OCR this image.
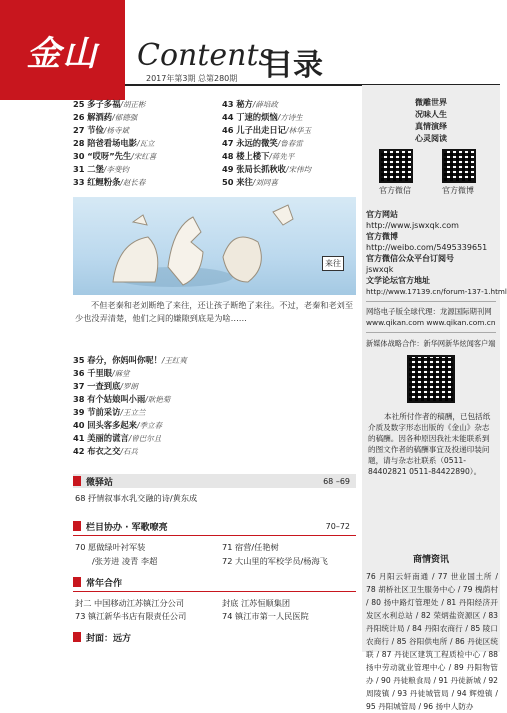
金山 Contents
目录
2017年第3期 总第280期
25 多子多福/胡正彬
26 解酒药/郁德强
27 节俭/杨寺斌
28 陪爸看场电影/瓦立
30 “哎呀”先生/宋红喜
31 二堡/李斐钧
33 红鲤粉条/赵长春
43 秘方/薛培政
44 丁速的烦恼/方诗生
46 儿子出走日记/林华玉
47 永远的微笑/鲁春雷
48 楼上楼下/蒋先平
49 张局长抓秋收/宋伟均
50 来往/刘同喜
来往
不但老秦和老刘断绝了来往，还让孩子断绝了来往。不过，老秦和老刘至少也没弄清楚，他们之间的嫌隙到底是为啥……
35 春分，你妈叫你呢！/王红爽
36 千里眼/麻堂
37 一查到底/罗朗
38 有个姑娘叫小雨/耿艳菊
39 节前采访/王立兰
40 回头客多起来/季立春
41 美丽的谎言/曾巴尔且
42 布衣之交/石兵
微驿站	68 –69
68 抒情叙事水乳交融的诗/黄东成
栏目协办 · 军歌嘹亮	70–72
70 愿做绿叶衬军装	71 宿营/任艳树
/张芳进 凌青 李超	72 大山里的军校学员/杨海飞
常年合作
封二 中国移动江苏镇江分公司	封底 江苏恒顺集团
73 镇江新华书店有限责任公司	74 镇江市第一人民医院
封面：远方
微雕世界
况味人生
真情演绎
心灵阅读
官方微信	官方微博
官方网站
http://www.jswxqk.com
官方微博
http://weibo.com/5495339651
官方微信公众平台订阅号
jswxqk
文学论坛官方地址
http://www.17139.cn/forum-137-1.html
网络电子版全球代理：龙源国际期刊网
www.qikan.com www.qikan.com.cn
新媒体战略合作：新华网新华炫闻客户端
本社所付作者的稿酬，已包括纸介质及数字形态出版的《金山》杂志的稿酬。因各种原因我社未能联系到的图文作者的稿酬事宜及投递印装问题，请与杂志社联系（0511-84402821 0511-84422890）。
商情资讯
76 月阳云轩南通 / 77 世业国土所 / 78 胡桥社区卫生服务中心 / 79 槐荫村 / 80 扬中路灯管理处 / 81 丹阳经济开发区水利总站 / 82 荣炳盐资源区 / 83 丹阳统计局 / 84 丹阳农商行 / 85 陵口农商行 / 85 谷阳供电所 / 86 丹徒区统联 / 87 丹徒区建筑工程质检中心 / 88 扬中劳动就业管理中心 / 89 丹阳物管办 / 90 丹徒粮食局 / 91 丹徒新城 / 92 周陵镇 / 93 丹徒城管局 / 94 辉煌镇 / 95 丹阳城管局 / 96 扬中人防办
